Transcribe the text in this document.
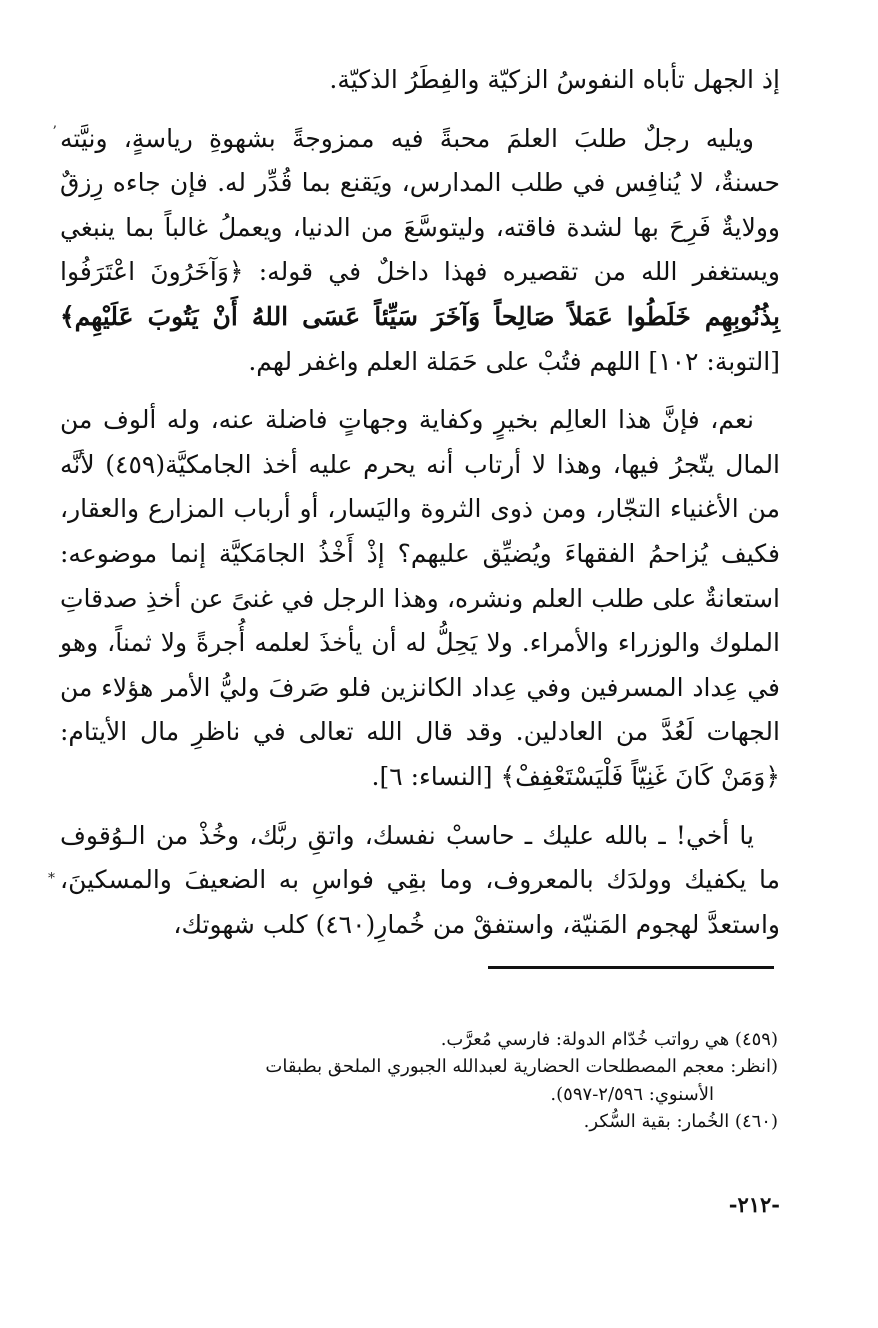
إذ الجهل تأباه النفوسُ الزكيّة والفِطَرُ الذكيّة.

ويليه رجلٌ طلبَ العلمَ محبةً فيه ممزوجةً بشهوةِ رياسةٍ، ونيَّته حسنةٌ، لا يُنافِس في طلب المدارس، ويَقنع بما قُدِّر له. فإن جاءه رِزقٌ وولايةٌ فَرِحَ بها لشدة فاقته، وليتوسَّعَ من الدنيا، ويعملُ غالباً بما ينبغي ويستغفر الله من تقصيره فهذا داخلٌ في قوله: ﴿وَآخَرُونَ اعْتَرَفُوا بِذُنُوبِهِم خَلَطُوا عَمَلاً صَالِحاً وَآخَرَ سَيِّئاً عَسَى اللهُ أَنْ يَتُوبَ عَلَيْهِم﴾ [التوبة: ١٠٢] اللهم فتُبْ على حَمَلة العلم واغفر لهم.

نعم، فإنَّ هذا العالِم بخيرٍ وكفاية وجهاتٍ فاضلة عنه، وله ألوف من المال يتّجرُ فيها، وهذا لا أرتاب أنه يحرم عليه أخذ الجامكيَّة(٤٥٩) لأنَّه من الأغنياء التجّار، ومن ذوى الثروة واليَسار، أو أرباب المزارع والعقار، فكيف يُزاحمُ الفقهاءَ ويُضيِّق عليهم؟ إذْ أَخْذُ الجامَكيَّة إنما موضوعه: استعانةٌ على طلب العلم ونشره، وهذا الرجل في غنىً عن أخذِ صدقاتِ الملوك والوزراء والأمراء. ولا يَحِلُّ له أن يأخذَ لعلمه أُجرةً ولا ثمناً، وهو في عِداد المسرفين وفي عِداد الكانزين فلو صَرفَ وليُّ الأمر هؤلاء من الجهات لَعُدَّ من العادلين. وقد قال الله تعالى في ناظرِ مال الأيتام: ﴿وَمَنْ كَانَ غَنِيّاً فَلْيَسْتَعْفِفْ﴾ [النساء: ٦].

يا أخي! ـ بالله عليك ـ حاسبْ نفسك، واتقِ ربَّك، وخُذْ من الـوُقوف ما يكفيك وولدَك بالمعروف، وما بقِي فواسِ به الضعيفَ والمسكينَ، واستعدَّ لهجوم المَنيّة، واستفقْ من خُمارِ(٤٦٠) كلب شهوتك،

(٤٥٩) هي رواتب خُدّام الدولة: فارسي مُعرَّب.

(انظر: معجم المصطلحات الحضارية لعبدالله الجبوري الملحق بطبقات

الأسنوي: ٢/٥٩٦-٥٩٧).

(٤٦٠) الخُمار: بقية السُّكر.

-٢١٢-
ʼ
⁎
